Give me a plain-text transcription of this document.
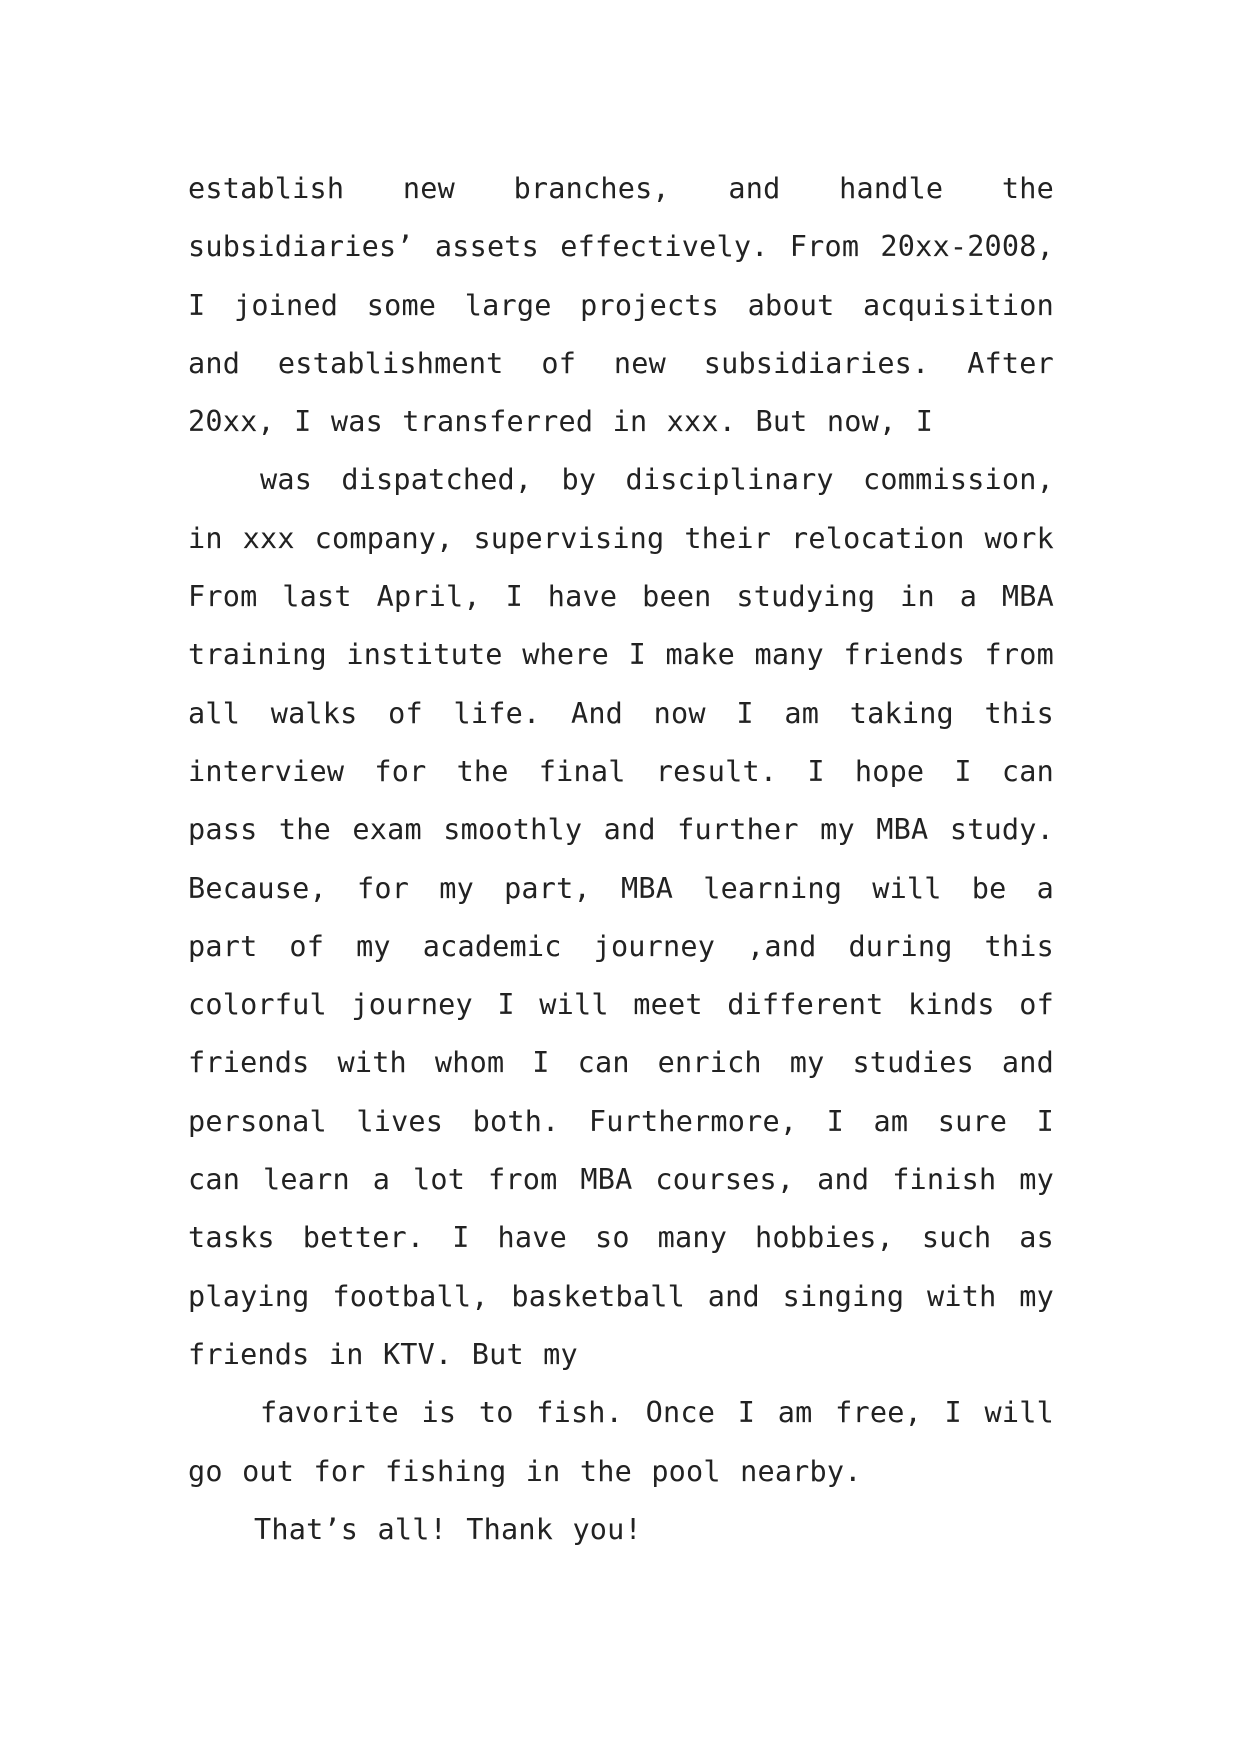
establish new branches, and handle the subsidiaries’ assets effectively. From 20xx-2008, I joined some large projects about acquisition and establishment of new subsidiaries. After 20xx, I was transferred in xxx. But now, I

was dispatched, by disciplinary commission, in xxx company, supervising their relocation work From last April, I have been studying in a MBA training institute where I make many friends from all walks of life. And now I am taking this interview for the final result. I hope I can pass the exam smoothly and further my MBA study. Because, for my part, MBA learning will be a part of my academic journey ,and during this colorful journey I will meet different kinds of friends with whom I can enrich my studies and personal lives both. Furthermore, I am sure I can learn a lot from MBA courses, and finish my tasks better. I have so many hobbies, such as playing football, basketball and singing with my friends in KTV. But my

favorite is to fish. Once I am free, I will go out for fishing in the pool nearby.

That’s all! Thank you!
